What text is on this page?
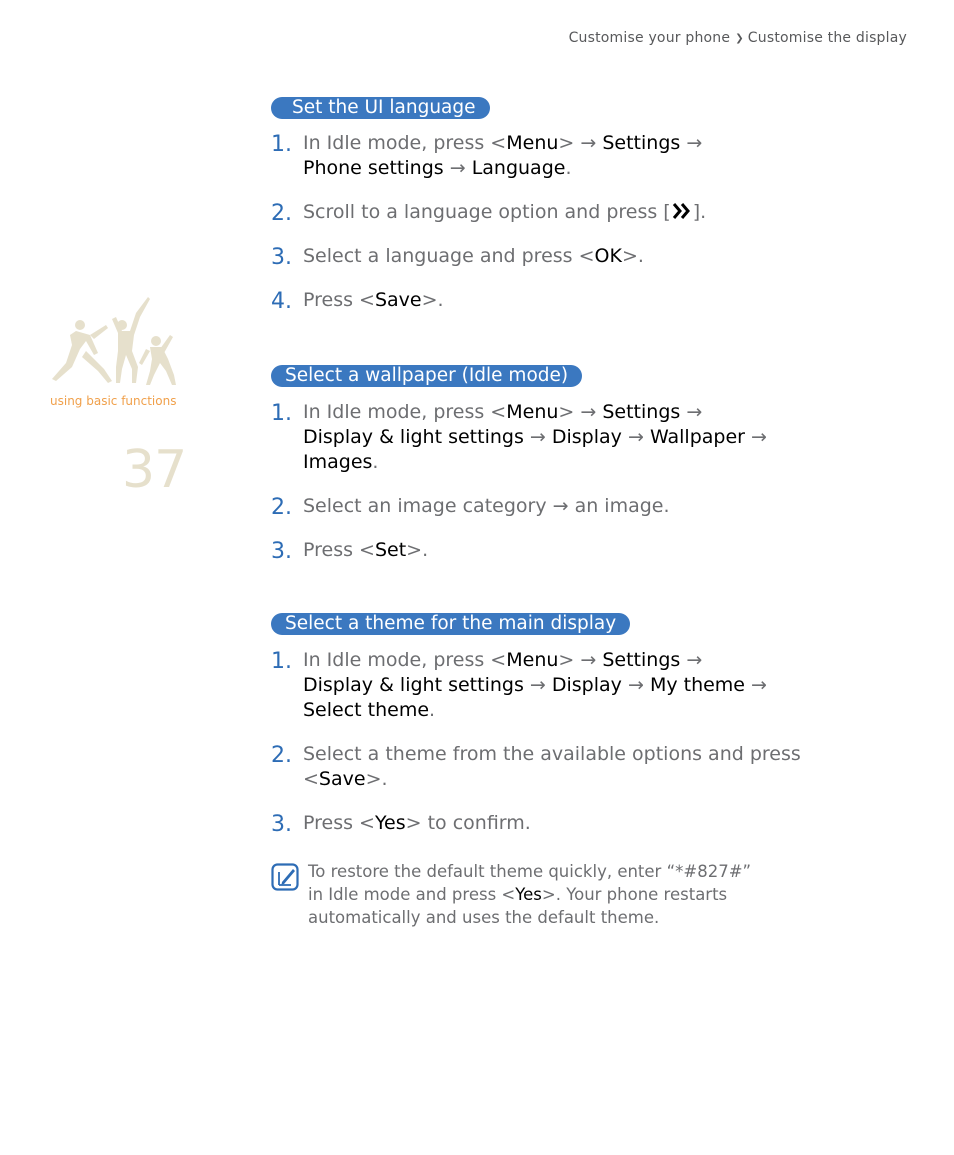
Customise your phone ❯ Customise the display
using basic functions
37
Set the UI language
1. In Idle mode, press <Menu> → Settings →
Phone settings → Language.
2. Scroll to a language option and press [ ].
3. Select a language and press <OK>.
4. Press <Save>.
Select a wallpaper (Idle mode)
1. In Idle mode, press <Menu> → Settings →
Display & light settings → Display → Wallpaper →
Images.
2. Select an image category → an image.
3. Press <Set>.
Select a theme for the main display
1. In Idle mode, press <Menu> → Settings →
Display & light settings → Display → My theme →
Select theme.
2. Select a theme from the available options and press
<Save>.
3. Press <Yes> to confirm.
To restore the default theme quickly, enter “*#827#”
in Idle mode and press <Yes>. Your phone restarts
automatically and uses the default theme.
